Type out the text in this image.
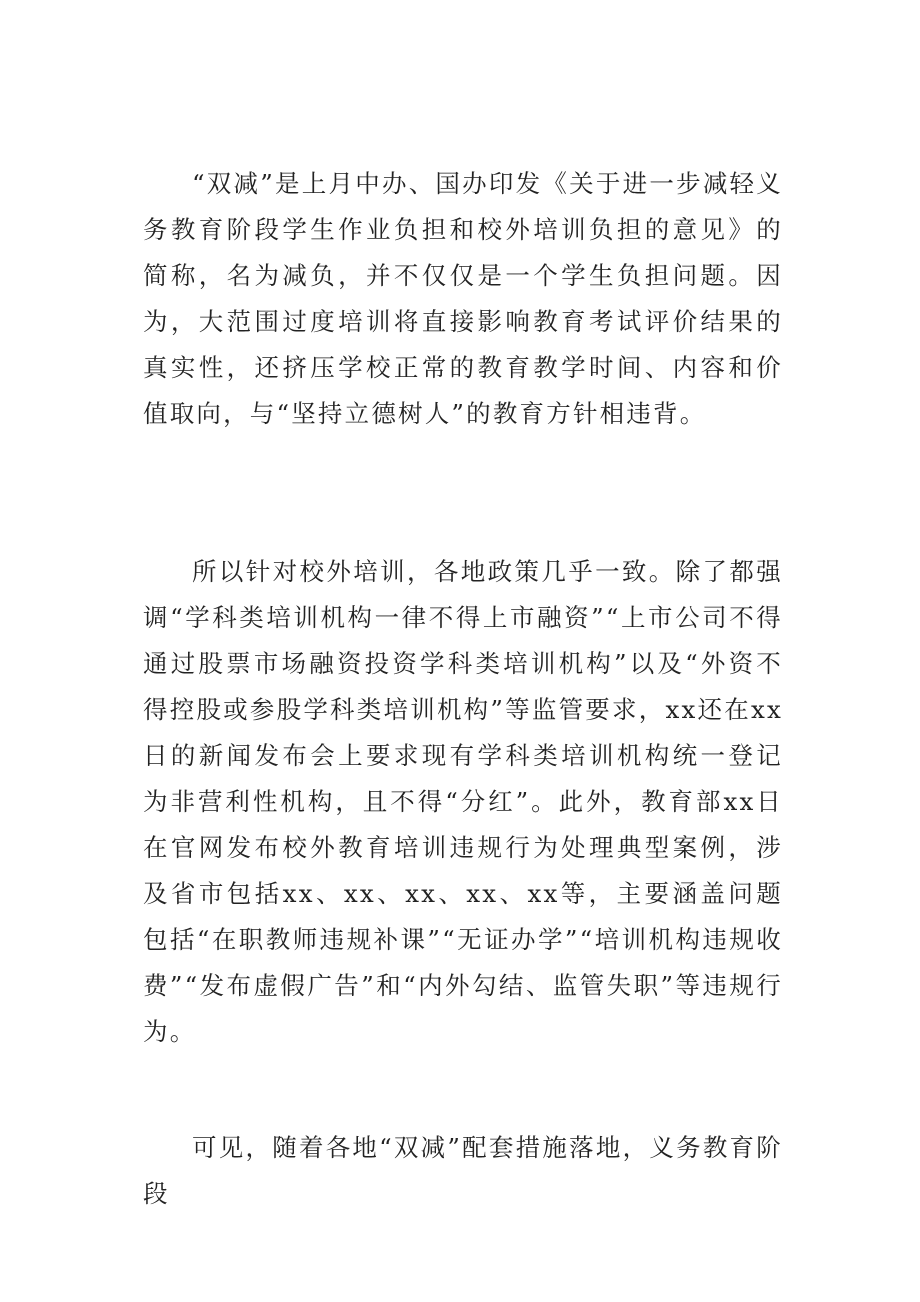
“双减”是上月中办、国办印发《关于进一步减轻义务教育阶段学生作业负担和校外培训负担的意见》的简称，名为减负，并不仅仅是一个学生负担问题。因为，大范围过度培训将直接影响教育考试评价结果的真实性，还挤压学校正常的教育教学时间、内容和价值取向，与“坚持立德树人”的教育方针相违背。

所以针对校外培训，各地政策几乎一致。除了都强调“学科类培训机构一律不得上市融资”“上市公司不得通过股票市场融资投资学科类培训机构”以及“外资不得控股或参股学科类培训机构”等监管要求，xx还在xx日的新闻发布会上要求现有学科类培训机构统一登记为非营利性机构，且不得“分红”。此外，教育部xx日在官网发布校外教育培训违规行为处理典型案例，涉及省市包括xx、xx、xx、xx、xx等，主要涵盖问题包括“在职教师违规补课”“无证办学”“培训机构违规收费”“发布虚假广告”和“内外勾结、监管失职”等违规行为。

可见，随着各地“双减”配套措施落地，义务教育阶段
